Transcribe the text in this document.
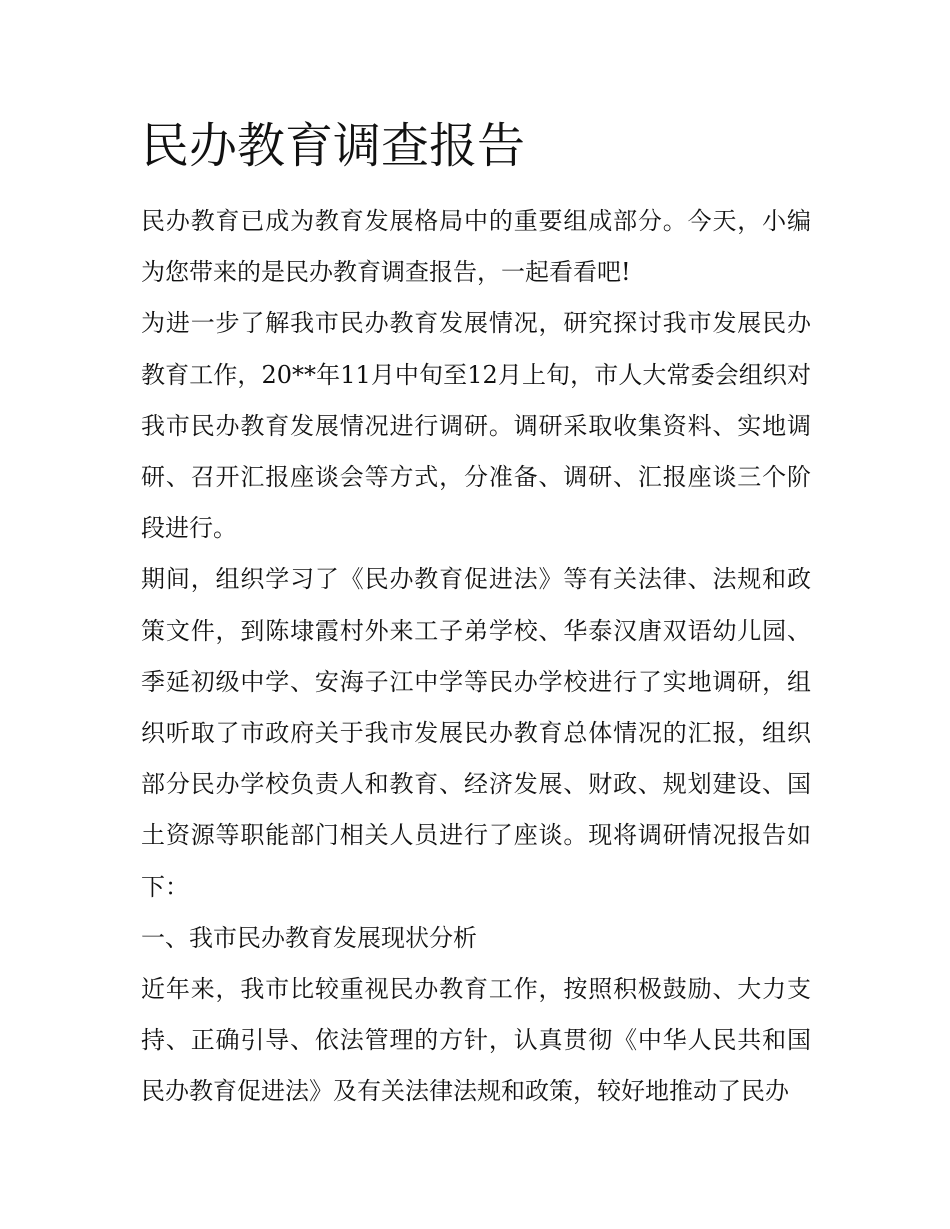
民办教育调查报告

民办教育已成为教育发展格局中的重要组成部分。今天，小编为您带来的是民办教育调查报告，一起看看吧!

为进一步了解我市民办教育发展情况，研究探讨我市发展民办教育工作，20**年11月中旬至12月上旬，市人大常委会组织对我市民办教育发展情况进行调研。调研采取收集资料、实地调研、召开汇报座谈会等方式，分准备、调研、汇报座谈三个阶段进行。

期间，组织学习了《民办教育促进法》等有关法律、法规和政策文件，到陈埭霞村外来工子弟学校、华泰汉唐双语幼儿园、季延初级中学、安海子江中学等民办学校进行了实地调研，组织听取了市政府关于我市发展民办教育总体情况的汇报，组织部分民办学校负责人和教育、经济发展、财政、规划建设、国土资源等职能部门相关人员进行了座谈。现将调研情况报告如下：

一、我市民办教育发展现状分析

近年来，我市比较重视民办教育工作，按照积极鼓励、大力支持、正确引导、依法管理的方针，认真贯彻《中华人民共和国民办教育促进法》及有关法律法规和政策，较好地推动了民办
